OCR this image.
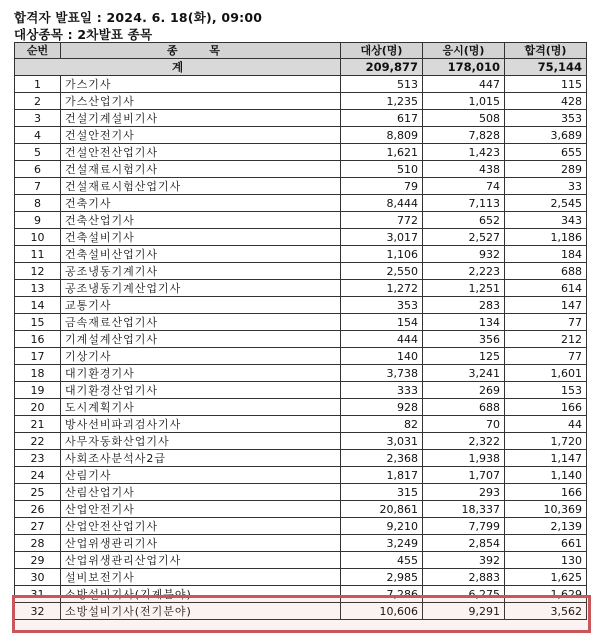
합격자 발표일 : 2024. 6. 18(화), 09:00
대상종목 : 2차발표 종목
순번	종 목	대상(명)	응시(명)	합격(명)
계		209,877	178,010	75,144
1	가스기사	513	447	115
2	가스산업기사	1,235	1,015	428
3	건설기계설비기사	617	508	353
4	건설안전기사	8,809	7,828	3,689
5	건설안전산업기사	1,621	1,423	655
6	건설재료시험기사	510	438	289
7	건설재료시험산업기사	79	74	33
8	건축기사	8,444	7,113	2,545
9	건축산업기사	772	652	343
10	건축설비기사	3,017	2,527	1,186
11	건축설비산업기사	1,106	932	184
12	공조냉동기계기사	2,550	2,223	688
13	공조냉동기계산업기사	1,272	1,251	614
14	교통기사	353	283	147
15	금속재료산업기사	154	134	77
16	기계설계산업기사	444	356	212
17	기상기사	140	125	77
18	대기환경기사	3,738	3,241	1,601
19	대기환경산업기사	333	269	153
20	도시계획기사	928	688	166
21	방사선비파괴검사기사	82	70	44
22	사무자동화산업기사	3,031	2,322	1,720
23	사회조사분석사2급	2,368	1,938	1,147
24	산림기사	1,817	1,707	1,140
25	산림산업기사	315	293	166
26	산업안전기사	20,861	18,337	10,369
27	산업안전산업기사	9,210	7,799	2,139
28	산업위생관리기사	3,249	2,854	661
29	산업위생관리산업기사	455	392	130
30	설비보전기사	2,985	2,883	1,625
31	소방설비기사(기계분야)	7,286	6,275	1,629
32	소방설비기사(전기분야)	10,606	9,291	3,562
